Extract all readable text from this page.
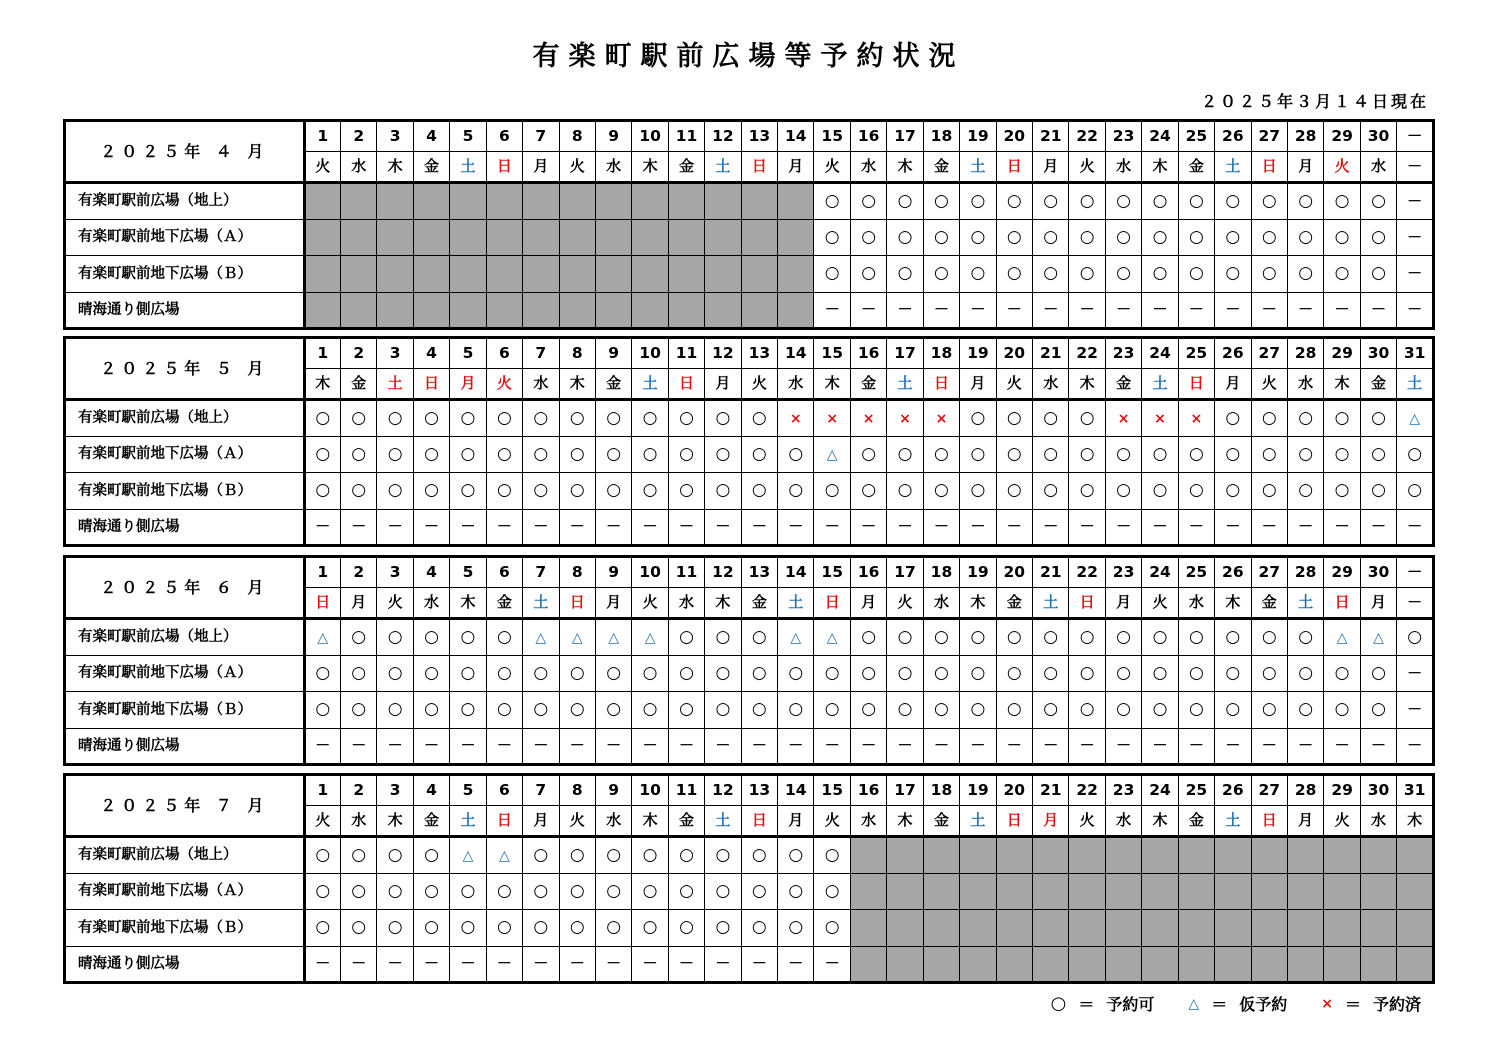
有楽町駅前広場等予約状況
２０２５年３月１４日現在
２０２５年 ４ 月	1	2	3	4	5	6	7	8	9	10	11	12	13	14	15	16	17	18	19	20	21	22	23	24	25	26	27	28	29	30	－
	火	水	木	金	土	日	月	火	水	木	金	土	日	月	火	水	木	金	土	日	月	火	水	木	金	土	日	月	火	水	－
有楽町駅前広場（地上）															○	○	○	○	○	○	○	○	○	○	○	○	○	○	○	○	－
有楽町駅前地下広場（Ａ）															○	○	○	○	○	○	○	○	○	○	○	○	○	○	○	○	－
有楽町駅前地下広場（Ｂ）															○	○	○	○	○	○	○	○	○	○	○	○	○	○	○	○	－
晴海通り側広場															－	－	－	－	－	－	－	－	－	－	－	－	－	－	－	－	－
２０２５年 ５ 月	1	2	3	4	5	6	7	8	9	10	11	12	13	14	15	16	17	18	19	20	21	22	23	24	25	26	27	28	29	30	31
	木	金	土	日	月	火	水	木	金	土	日	月	火	水	木	金	土	日	月	火	水	木	金	土	日	月	火	水	木	金	土
有楽町駅前広場（地上）	○	○	○	○	○	○	○	○	○	○	○	○	○	×	×	×	×	×	○	○	○	○	×	×	×	○	○	○	○	○	△
有楽町駅前地下広場（Ａ）	○	○	○	○	○	○	○	○	○	○	○	○	○	○	△	○	○	○	○	○	○	○	○	○	○	○	○	○	○	○	○
有楽町駅前地下広場（Ｂ）	○	○	○	○	○	○	○	○	○	○	○	○	○	○	○	○	○	○	○	○	○	○	○	○	○	○	○	○	○	○	○
晴海通り側広場	－	－	－	－	－	－	－	－	－	－	－	－	－	－	－	－	－	－	－	－	－	－	－	－	－	－	－	－	－	－	－
２０２５年 ６ 月	1	2	3	4	5	6	7	8	9	10	11	12	13	14	15	16	17	18	19	20	21	22	23	24	25	26	27	28	29	30	－
	日	月	火	水	木	金	土	日	月	火	水	木	金	土	日	月	火	水	木	金	土	日	月	火	水	木	金	土	日	月	－
有楽町駅前広場（地上）	△	○	○	○	○	○	△	△	△	△	○	○	○	△	△	○	○	○	○	○	○	○	○	○	○	○	○	○	△	△	○
有楽町駅前地下広場（Ａ）	○	○	○	○	○	○	○	○	○	○	○	○	○	○	○	○	○	○	○	○	○	○	○	○	○	○	○	○	○	○	－
有楽町駅前地下広場（Ｂ）	○	○	○	○	○	○	○	○	○	○	○	○	○	○	○	○	○	○	○	○	○	○	○	○	○	○	○	○	○	○	－
晴海通り側広場	－	－	－	－	－	－	－	－	－	－	－	－	－	－	－	－	－	－	－	－	－	－	－	－	－	－	－	－	－	－	－
２０２５年 ７ 月	1	2	3	4	5	6	7	8	9	10	11	12	13	14	15	16	17	18	19	20	21	22	23	24	25	26	27	28	29	30	31
	火	水	木	金	土	日	月	火	水	木	金	土	日	月	火	水	木	金	土	日	月	火	水	木	金	土	日	月	火	水	木
有楽町駅前広場（地上）	○	○	○	○	△	△	○	○	○	○	○	○	○	○	○																
有楽町駅前地下広場（Ａ）	○	○	○	○	○	○	○	○	○	○	○	○	○	○	○																
有楽町駅前地下広場（Ｂ）	○	○	○	○	○	○	○	○	○	○	○	○	○	○	○																
晴海通り側広場	－	－	－	－	－	－	－	－	－	－	－	－	－	－	－																
○ ＝ 予約可 △ ＝ 仮予約 × ＝ 予約済
